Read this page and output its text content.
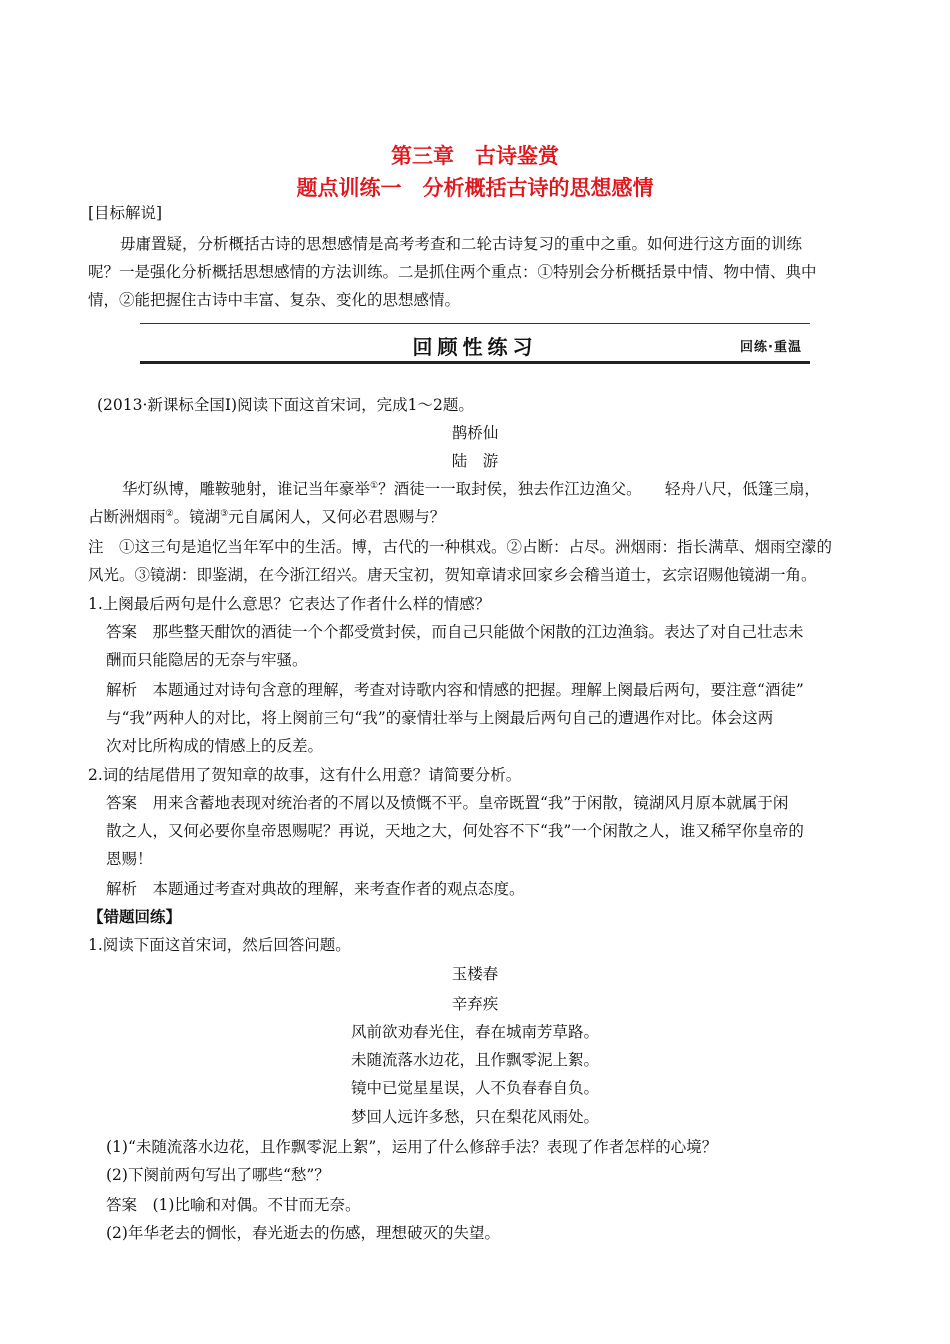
第三章　古诗鉴赏
题点训练一　分析概括古诗的思想感情
[目标解说]
毋庸置疑，分析概括古诗的思想感情是高考考查和二轮古诗复习的重中之重。如何进行这方面的训练
呢？一是强化分析概括思想感情的方法训练。二是抓住两个重点：①特别会分析概括景中情、物中情、典中
情，②能把握住古诗中丰富、复杂、变化的思想感情。
回顾性练习	回练·重温
(2013·新课标全国Ⅰ)阅读下面这首宋词，完成1～2题。
鹊桥仙
陆　游
华灯纵博，雕鞍驰射，谁记当年豪举①？酒徒一一取封侯，独去作江边渔父。　　轻舟八尺，低篷三扇，
占断洲烟雨②。镜湖③元自属闲人，又何必君恩赐与？
注　①这三句是追忆当年军中的生活。博，古代的一种棋戏。②占断：占尽。洲烟雨：指长满草、烟雨空濛的
风光。③镜湖：即鉴湖，在今浙江绍兴。唐天宝初，贺知章请求回家乡会稽当道士，玄宗诏赐他镜湖一角。
1.上阕最后两句是什么意思？它表达了作者什么样的情感？
答案　那些整天酣饮的酒徒一个个都受赏封侯，而自己只能做个闲散的江边渔翁。表达了对自己壮志未
酬而只能隐居的无奈与牢骚。
解析　本题通过对诗句含意的理解，考查对诗歌内容和情感的把握。理解上阕最后两句，要注意“酒徒”
与“我”两种人的对比，将上阕前三句“我”的豪情壮举与上阕最后两句自己的遭遇作对比。体会这两
次对比所构成的情感上的反差。
2.词的结尾借用了贺知章的故事，这有什么用意？请简要分析。
答案　用来含蓄地表现对统治者的不屑以及愤慨不平。皇帝既置“我”于闲散，镜湖风月原本就属于闲
散之人，又何必要你皇帝恩赐呢？再说，天地之大，何处容不下“我”一个闲散之人，谁又稀罕你皇帝的
恩赐！
解析　本题通过考查对典故的理解，来考查作者的观点态度。
【错题回练】
1.阅读下面这首宋词，然后回答问题。
玉楼春
辛弃疾
风前欲劝春光住，春在城南芳草路。
未随流落水边花，且作飘零泥上絮。
镜中已觉星星误，人不负春春自负。
梦回人远许多愁，只在梨花风雨处。
(1)“未随流落水边花，且作飘零泥上絮”，运用了什么修辞手法？表现了作者怎样的心境？
(2)下阕前两句写出了哪些“愁”？
答案　(1)比喻和对偶。不甘而无奈。
(2)年华老去的惆怅，春光逝去的伤感，理想破灭的失望。
